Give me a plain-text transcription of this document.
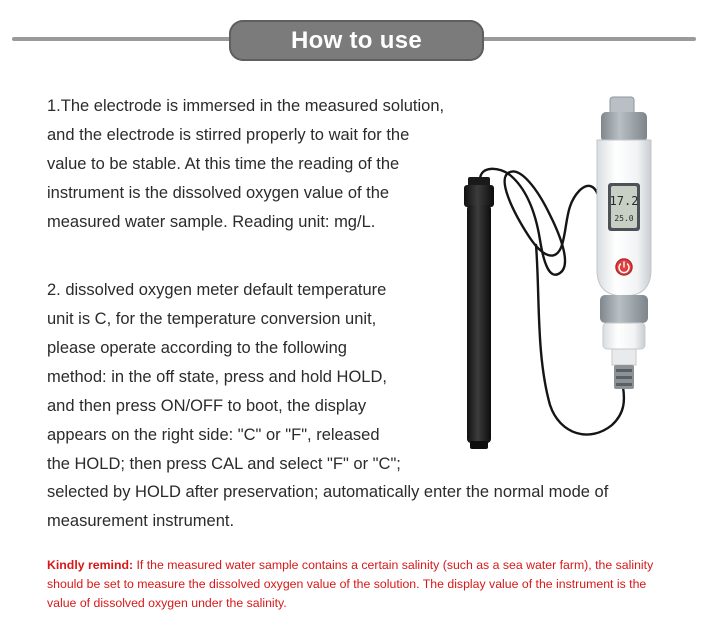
How to use

1.The electrode is immersed in the measured solution, and the electrode is stirred properly to wait for the value to be stable. At this time the reading of the instrument is the dissolved oxygen value of the measured water sample. Reading unit: mg/L.

2. dissolved oxygen meter default temperature
unit is C, for the temperature conversion unit,
please operate according to the following
method: in the off state, press and hold HOLD,
and then press ON/OFF to boot, the display
appears on the right side: "C" or "F", released
the HOLD; then press CAL and select "F" or "C";

selected by HOLD after preservation; automatically enter the normal mode of measurement instrument.

Kindly remind: If the measured water sample contains a certain salinity (such as a sea water farm), the salinity should be set to measure the dissolved oxygen value of the solution. The display value of the instrument is the value of dissolved oxygen under the salinity.

17.2
25.0
